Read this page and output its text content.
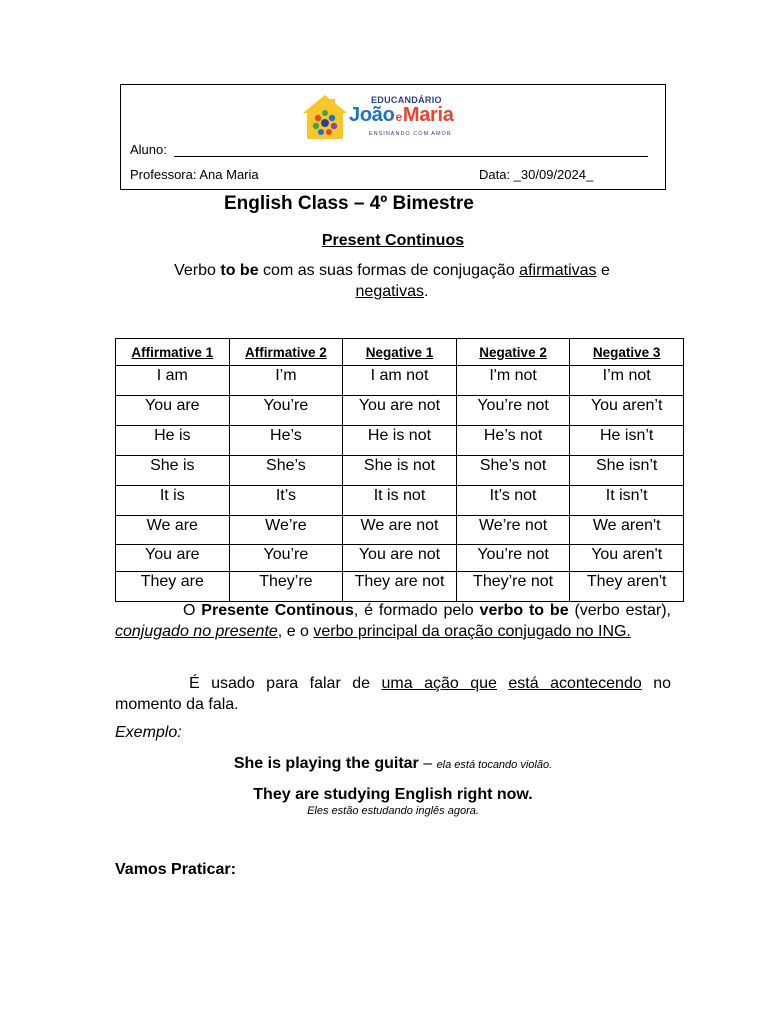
EDUCANDÁRIO
JoãoeMaria
ENSINANDO COM AMOR
Aluno:
Professora: Ana Maria	Data: _30/09/2024_
English Class – 4º Bimestre
Present Continuos
Verbo to be com as suas formas de conjugação afirmativas e negativas.
Affirmative 1	Affirmative 2	Negative 1	Negative 2	Negative 3
I am	I’m	I am not	I'm not	I’m not
You are	You’re	You are not	You’re not	You aren’t
He is	He’s	He is not	He’s not	He isn’t
She is	She’s	She is not	She’s not	She isn’t
It is	It’s	It is not	It’s not	It isn’t
We are	We’re	We are not	We’re not	We aren't
You are	You’re	You are not	You’re not	You aren't
They are	They’re	They are not	They’re not	They aren't
O Presente Continous, é formado pelo verbo to be (verbo estar), conjugado no presente, e o verbo principal da oração conjugado no ING.
É usado para falar de uma ação que está acontecendo no momento da fala.
Exemplo:
She is playing the guitar – ela está tocando violão.
They are studying English right now.
Eles estão estudando inglês agora.
Vamos Praticar:
